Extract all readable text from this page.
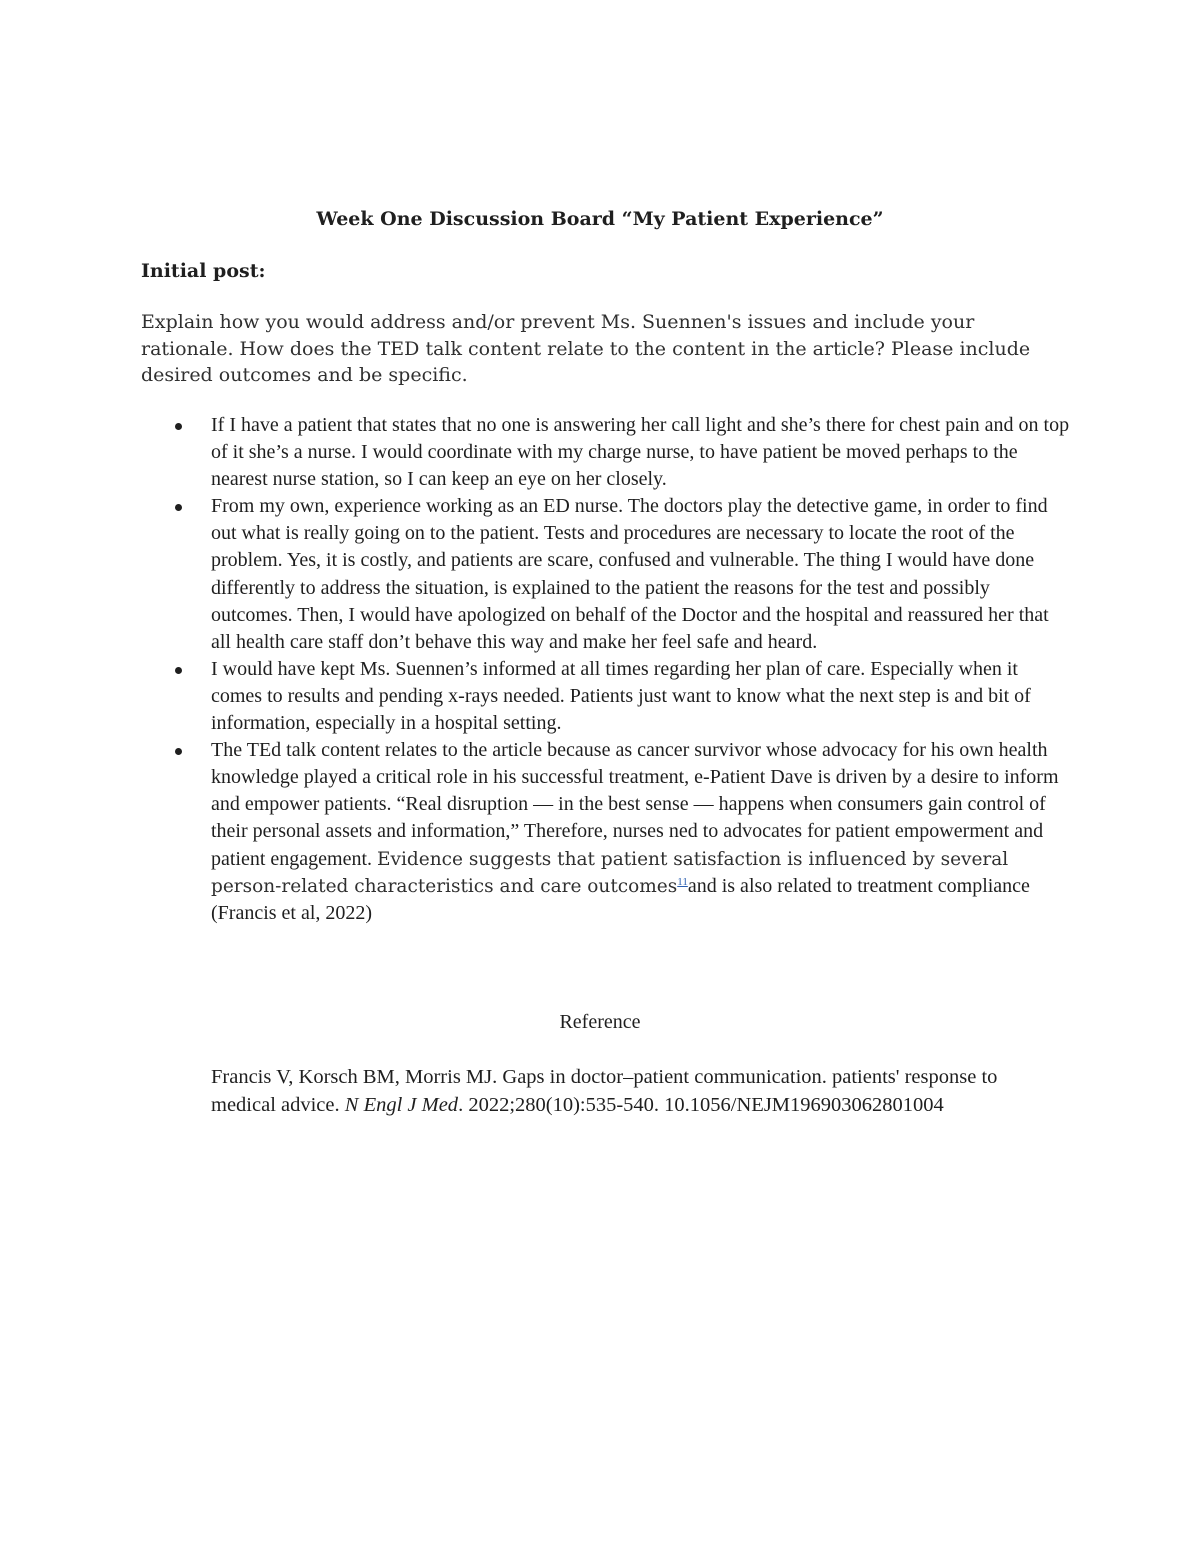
Week One Discussion Board “My Patient Experience”
Initial post:

Explain how you would address and/or prevent Ms. Suennen's issues and include your rationale. How does the TED talk content relate to the content in the article? Please include desired outcomes and be specific.

If I have a patient that states that no one is answering her call light and she’s there for chest pain and on top of it she’s a nurse. I would coordinate with my charge nurse, to have patient be moved perhaps to the nearest nurse station, so I can keep an eye on her closely.
From my own, experience working as an ED nurse. The doctors play the detective game, in order to find out what is really going on to the patient. Tests and procedures are necessary to locate the root of the problem. Yes, it is costly, and patients are scare, confused and vulnerable. The thing I would have done differently to address the situation, is explained to the patient the reasons for the test and possibly outcomes. Then, I would have apologized on behalf of the Doctor and the hospital and reassured her that all health care staff don’t behave this way and make her feel safe and heard.
I would have kept Ms. Suennen’s informed at all times regarding her plan of care. Especially when it comes to results and pending x-rays needed. Patients just want to know what the next step is and bit of information, especially in a hospital setting.
The TEd talk content relates to the article because as cancer survivor whose advocacy for his own health knowledge played a critical role in his successful treatment, e-Patient Dave is driven by a desire to inform and empower patients. “Real disruption — in the best sense — happens when consumers gain control of their personal assets and information,” Therefore, nurses ned to advocates for patient empowerment and patient engagement. Evidence suggests that patient satisfaction is influenced by several person-related characteristics and care outcomes$^{11}$and is also related to treatment compliance
(Francis et al, 2022)
Reference

Francis V, Korsch BM, Morris MJ. Gaps in doctor–patient communication. patients' response to medical advice. N Engl J Med. 2022;280(10):535-540. 10.1056/NEJM196903062801004
